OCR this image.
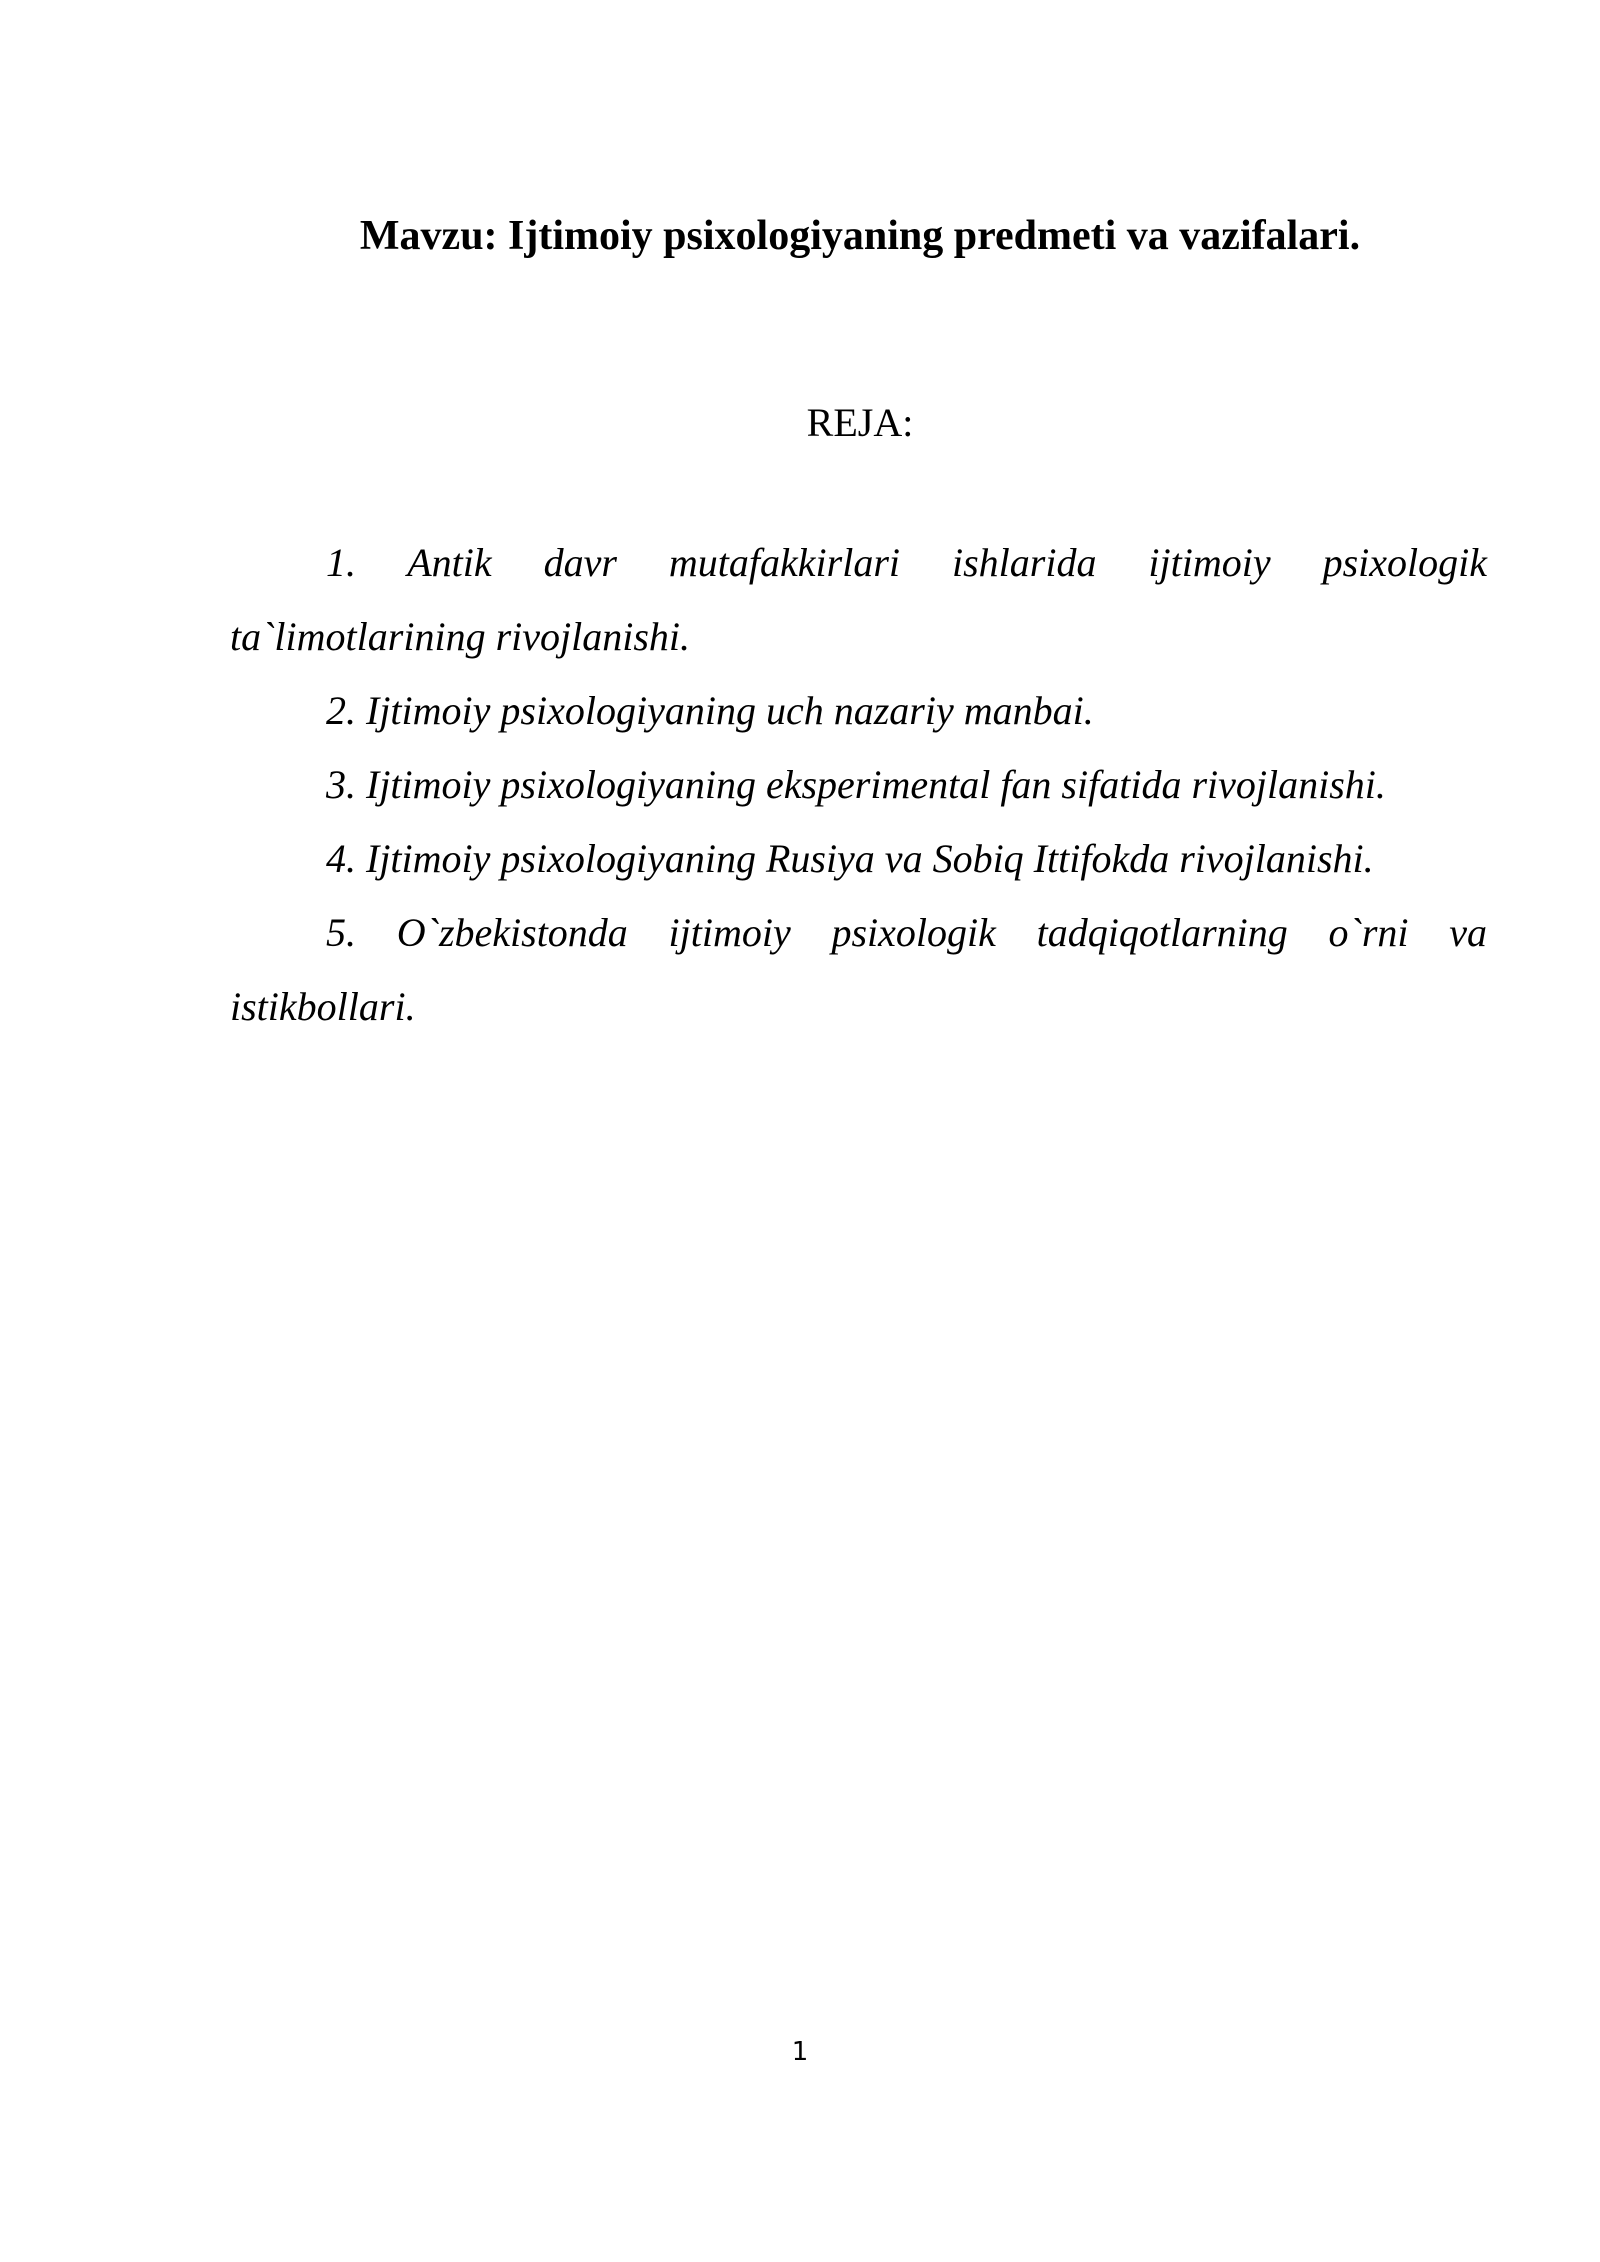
Mavzu: Ijtimoiy psixologiyaning predmeti va vazifalari.
REJA:
1. Antik davr mutafakkirlari ishlarida ijtimoiy psixologik ta`limotlarining rivojlanishi.
2. Ijtimoiy psixologiyaning uch nazariy manbai.
3. Ijtimoiy psixologiyaning eksperimental fan sifatida rivojlanishi.
4. Ijtimoiy psixologiyaning Rusiya va Sobiq Ittifokda rivojlanishi.
5. O`zbekistonda ijtimoiy psixologik tadqiqotlarning o`rni va istikbollari.
1
